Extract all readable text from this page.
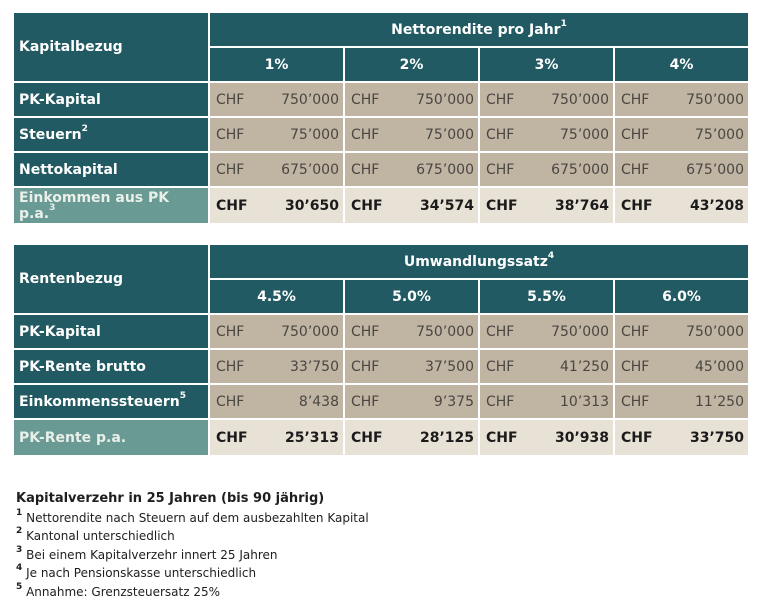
Kapitalbezug	Nettorendite pro Jahr$^1$
	1%		2%		3%		4%	
PK-Kapital	CHF	750’000	CHF	750’000	CHF	750’000	CHF	750’000
Steuern$^2$	CHF	75’000	CHF	75’000	CHF	75’000	CHF	75’000
Nettokapital	CHF	675’000	CHF	675’000	CHF	675’000	CHF	675’000
Einkommen aus PK p.a.$^3$	CHF	30’650	CHF	34’574	CHF	38’764	CHF	43’208
Rentenbezug	Umwandlungssatz$^4$
	4.5%		5.0%		5.5%		6.0%	
PK-Kapital	CHF	750’000	CHF	750’000	CHF	750’000	CHF	750’000
PK-Rente brutto	CHF	33’750	CHF	37’500	CHF	41’250	CHF	45’000
Einkommenssteuern$^5$	CHF	8’438	CHF	9’375	CHF	10’313	CHF	11’250
PK-Rente p.a.	CHF	25’313	CHF	28’125	CHF	30’938	CHF	33’750
Kapitalverzehr in 25 Jahren (bis 90 jährig)
$^1$ Nettorendite nach Steuern auf dem ausbezahlten Kapital
$^2$ Kantonal unterschiedlich
$^3$ Bei einem Kapitalverzehr innert 25 Jahren
$^4$ Je nach Pensionskasse unterschiedlich
$^5$ Annahme: Grenzsteuersatz 25%
